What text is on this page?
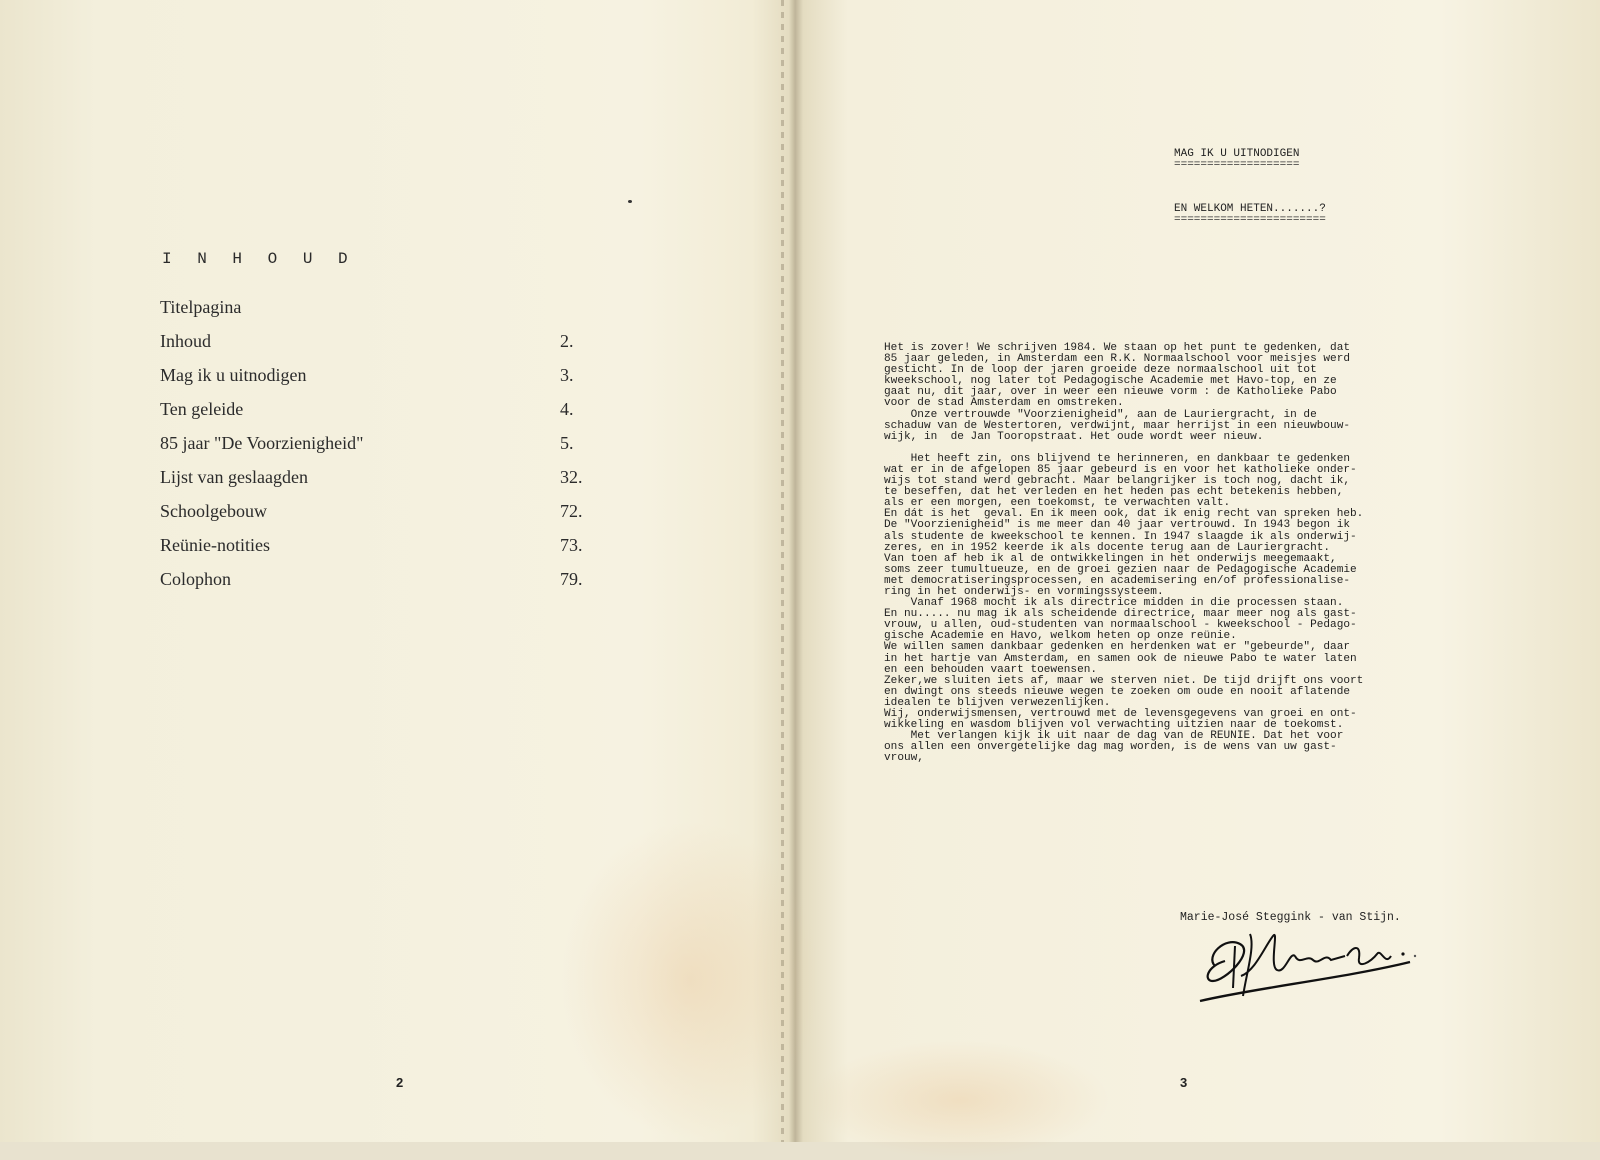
I N H O U D
Titelpagina
Inhoud	2.
Mag ik u uitnodigen	3.
Ten geleide	4.
85 jaar "De Voorzienigheid"	5.
Lijst van geslaagden	32.
Schoolgebouw	72.
Reünie-notities	73.
Colophon	79.
2

MAG IK U UITNODIGEN

===================

EN WELKOM HETEN.......?

=======================

Het is zover! We schrijven 1984. We staan op het punt te gedenken, dat
85 jaar geleden, in Amsterdam een R.K. Normaalschool voor meisjes werd
gesticht. In de loop der jaren groeide deze normaalschool uit tot
kweekschool, nog later tot Pedagogische Academie met Havo-top, en ze
gaat nu, dit jaar, over in weer een nieuwe vorm : de Katholieke Pabo
voor de stad Amsterdam en omstreken.
Onze vertrouwde "Voorzienigheid", aan de Lauriergracht, in de
schaduw van de Westertoren, verdwijnt, maar herrijst in een nieuwbouw-
wijk, in  de Jan Tooropstraat. Het oude wordt weer nieuw.
Het heeft zin, ons blijvend te herinneren, en dankbaar te gedenken
wat er in de afgelopen 85 jaar gebeurd is en voor het katholieke onder-
wijs tot stand werd gebracht. Maar belangrijker is toch nog, dacht ik,
te beseffen, dat het verleden en het heden pas echt betekenis hebben,
als er een morgen, een toekomst, te verwachten valt.
En dát is het  geval. En ik meen ook, dat ik enig recht van spreken heb.
De "Voorzienigheid" is me meer dan 40 jaar vertrouwd. In 1943 begon ik
als studente de kweekschool te kennen. In 1947 slaagde ik als onderwij-
zeres, en in 1952 keerde ik als docente terug aan de Lauriergracht.
Van toen af heb ik al de ontwikkelingen in het onderwijs meegemaakt,
soms zeer tumultueuze, en de groei gezien naar de Pedagogische Academie
met democratiseringsprocessen, en academisering en/of professionalise-
ring in het onderwijs- en vormingssysteem.
Vanaf 1968 mocht ik als directrice midden in die processen staan.
En nu..... nu mag ik als scheidende directrice, maar meer nog als gast-
vrouw, u allen, oud-studenten van normaalschool - kweekschool - Pedago-
gische Academie en Havo, welkom heten op onze reünie.
We willen samen dankbaar gedenken en herdenken wat er "gebeurde", daar
in het hartje van Amsterdam, en samen ook de nieuwe Pabo te water laten
en een behouden vaart toewensen.
Zeker,we sluiten iets af, maar we sterven niet. De tijd drijft ons voort
en dwingt ons steeds nieuwe wegen te zoeken om oude en nooit aflatende
idealen te blijven verwezenlijken.
Wij, onderwijsmensen, vertrouwd met de levensgegevens van groei en ont-
wikkeling en wasdom blijven vol verwachting uitzien naar de toekomst.
Met verlangen kijk ik uit naar de dag van de REUNIE. Dat het voor
ons allen een onvergetelijke dag mag worden, is de wens van uw gast-
vrouw,

Marie-José Steggink - van Stijn.

3
